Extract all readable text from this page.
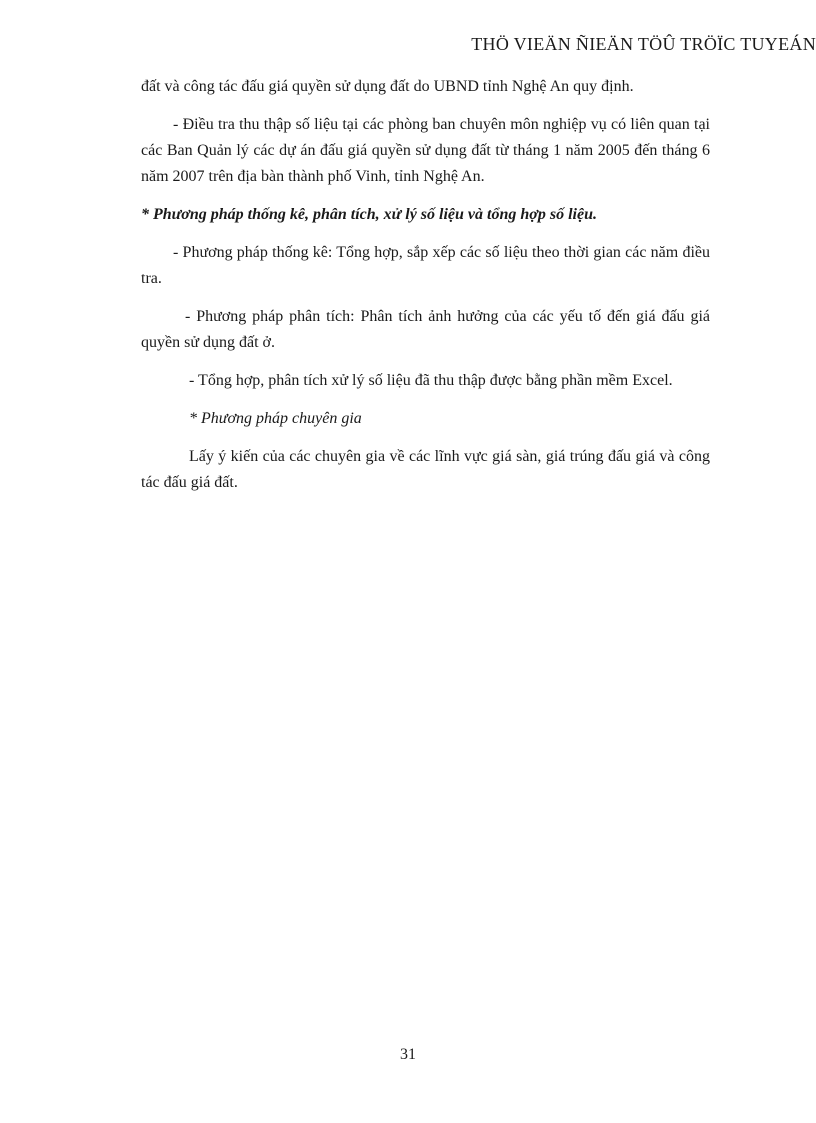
THÖ VIEÄN ÑIEÄN TÖÛ TRÖÏC TUYEÁN

đất và công tác đấu giá quyền sử dụng đất do UBND tỉnh Nghệ An quy định.

- Điều tra thu thập số liệu tại các phòng ban chuyên môn nghiệp vụ có liên quan tại các Ban Quản lý các dự án đấu giá quyền sử dụng đất từ tháng 1 năm 2005 đến tháng 6 năm 2007 trên địa bàn thành phố Vinh, tỉnh Nghệ An.

* Phương pháp thống kê, phân tích, xử lý số liệu và tổng hợp số liệu.

- Phương pháp thống kê: Tổng hợp, sắp xếp các số liệu theo thời gian các năm điều tra.

- Phương pháp phân tích: Phân tích ảnh hưởng của các yếu tố đến giá đấu giá quyền sử dụng đất ở.

- Tổng hợp, phân tích xử lý số liệu đã thu thập được bằng phần mềm Excel.

* Phương pháp chuyên gia

Lấy ý kiến của các chuyên gia về các lĩnh vực giá sàn, giá trúng đấu giá và công tác đấu giá đất.

31
